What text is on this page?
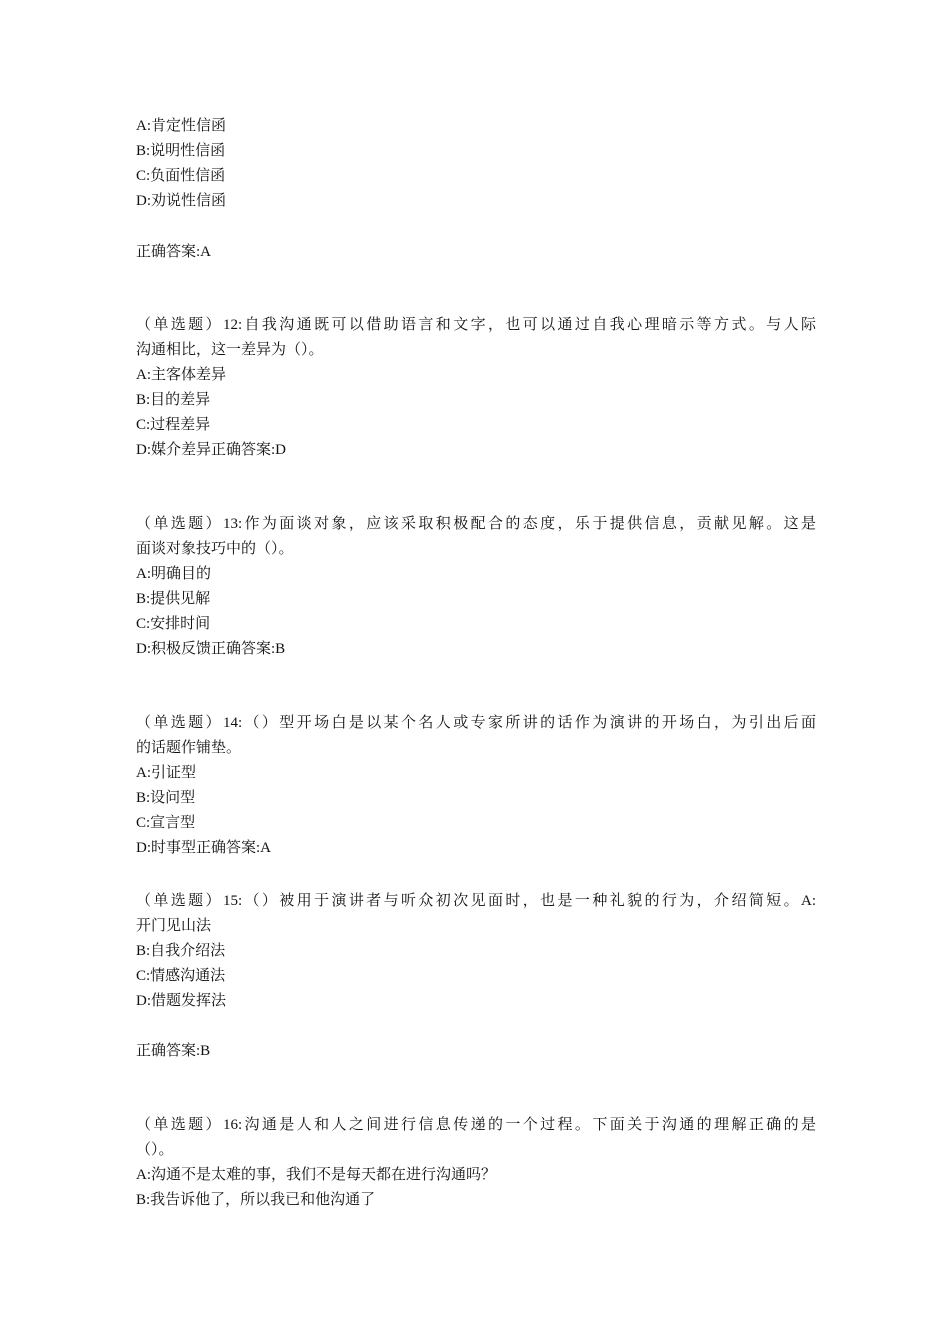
A:肯定性信函
B:说明性信函
C:负面性信函
D:劝说性信函
正确答案:A
（单选题）12:自我沟通既可以借助语言和文字，也可以通过自我心理暗示等方式。与人际
沟通相比，这一差异为（）。
A:主客体差异
B:目的差异
C:过程差异
D:媒介差异正确答案:D
（单选题）13:作为面谈对象，应该采取积极配合的态度，乐于提供信息，贡献见解。这是
面谈对象技巧中的（）。
A:明确目的
B:提供见解
C:安排时间
D:积极反馈正确答案:B
（单选题）14:（）型开场白是以某个名人或专家所讲的话作为演讲的开场白，为引出后面
的话题作铺垫。
A:引证型
B:设问型
C:宣言型
D:时事型正确答案:A
（单选题）15:（）被用于演讲者与听众初次见面时，也是一种礼貌的行为，介绍简短。A:
开门见山法
B:自我介绍法
C:情感沟通法
D:借题发挥法
正确答案:B
（单选题）16:沟通是人和人之间进行信息传递的一个过程。下面关于沟通的理解正确的是
（）。
A:沟通不是太难的事，我们不是每天都在进行沟通吗？
B:我告诉他了，所以我已和他沟通了
